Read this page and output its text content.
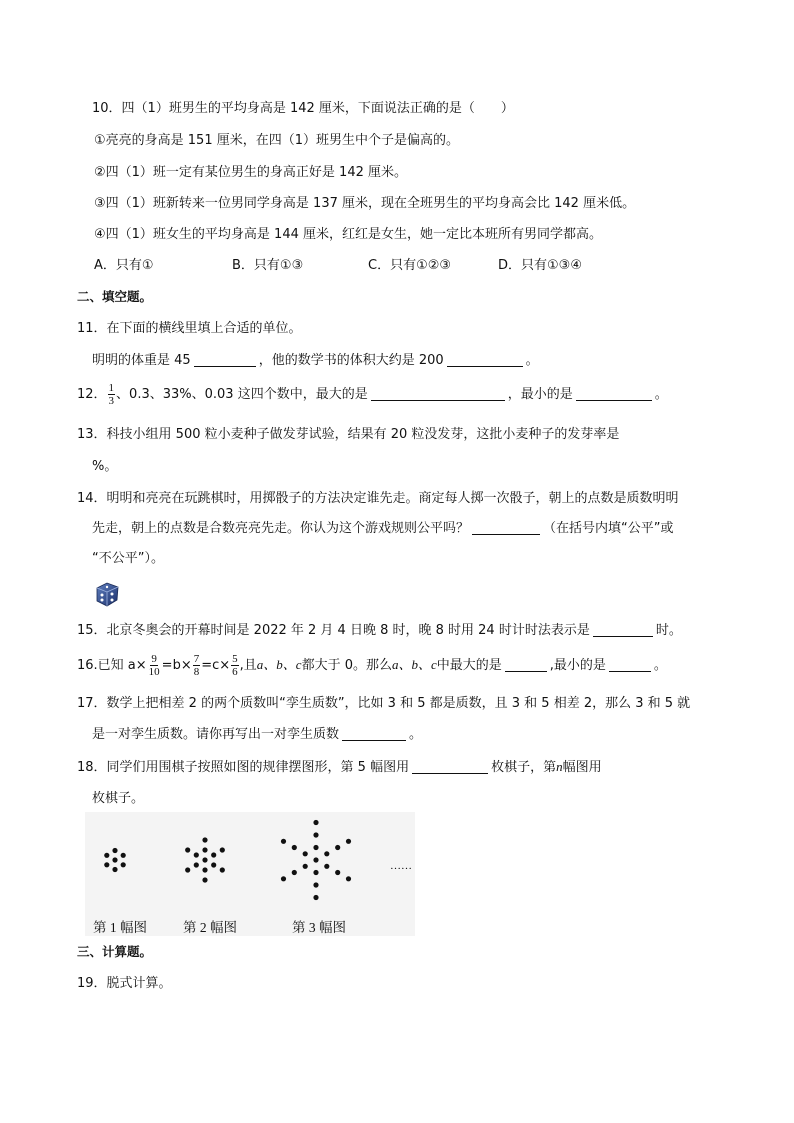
10．四（1）班男生的平均身高是 142 厘米，下面说法正确的是（　　）
①亮亮的身高是 151 厘米，在四（1）班男生中个子是偏高的。
②四（1）班一定有某位男生的身高正好是 142 厘米。
③四（1）班新转来一位男同学身高是 137 厘米，现在全班男生的平均身高会比 142 厘米低。
④四（1）班女生的平均身高是 144 厘米，红红是女生，她一定比本班所有男同学都高。
A．只有①	B．只有①③	C．只有①②③	D．只有①③④
二、填空题。
11．在下面的横线里填上合适的单位。
明明的体重是 45	，他的数学书的体积大约是 200	。
12． $\frac{1}{3}$ 、0.3、33%、0.03 这四个数中，最大的是	，最小的是	。
13．科技小组用 500 粒小麦种子做发芽试验，结果有 20 粒没发芽，这批小麦种子的发芽率是
%。
14．明明和亮亮在玩跳棋时，用掷骰子的方法决定谁先走。商定每人掷一次骰子，朝上的点数是质数明明
先走，朝上的点数是合数亮亮先走。你认为这个游戏规则公平吗？	（在括号内填“公平”或
“不公平”）。
15．北京冬奥会的开幕时间是 2022 年 2 月 4 日晚 8 时，晚 8 时用 24 时计时法表示是	时。
16.已知 $a\times \frac{9}{10} =b\times \frac{7}{8} =c\times \frac{5}{6}$ ,且a、b、c都大于 0。那么a、b、c中最大的是	,最小的是	。
17．数学上把相差 2 的两个质数叫“孪生质数”，比如 3 和 5 都是质数，且 3 和 5 相差 2，那么 3 和 5 就
是一对孪生质数。请你再写出一对孪生质数	。
18．同学们用围棋子按照如图的规律摆图形，第 5 幅图用	枚棋子，第n幅图用
枚棋子。
第 1 幅图	第 2 幅图	第 3 幅图
……
三、计算题。
19．脱式计算。
